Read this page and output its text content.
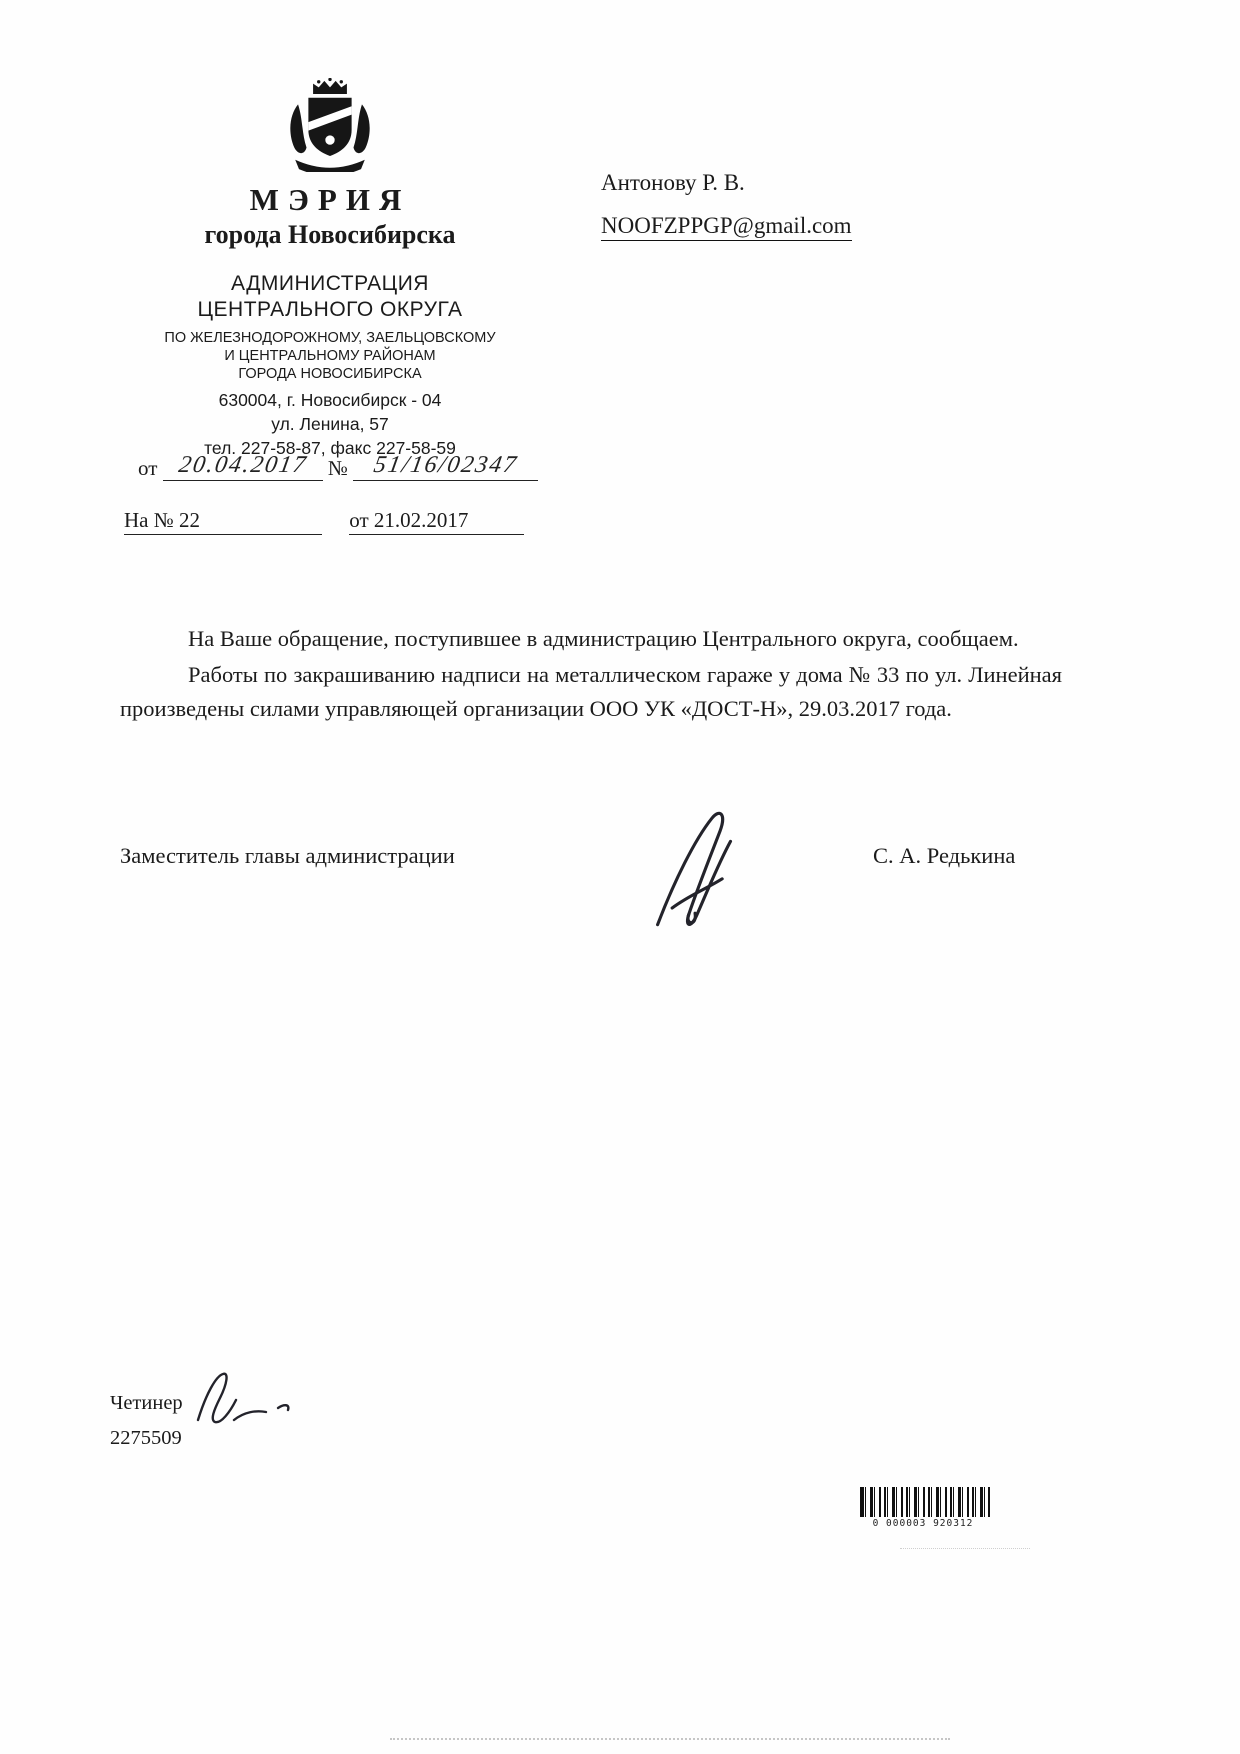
МЭРИЯ
города Новосибирска
АДМИНИСТРАЦИЯ
ЦЕНТРАЛЬНОГО ОКРУГА
ПО ЖЕЛЕЗНОДОРОЖНОМУ, ЗАЕЛЬЦОВСКОМУ
И ЦЕНТРАЛЬНОМУ РАЙОНАМ
ГОРОДА НОВОСИБИРСКА
630004, г. Новосибирск - 04
ул. Ленина, 57
тел. 227-58-87, факс 227-58-59
от 20.04.2017 № 51/16/02347
На № 22	от 21.02.2017
Антонову Р. В.
NOOFZPPGP@gmail.com

На Ваше обращение, поступившее в администрацию Центрального округа, сообщаем.

Работы по закрашиванию надписи на металлическом гараже у дома № 33 по ул. Линейная произведены силами управляющей организации ООО УК «ДОСТ-Н», 29.03.2017 года.

Заместитель главы администрации	С. А. Редькина
Четинер
2275509
0 000003 920312
